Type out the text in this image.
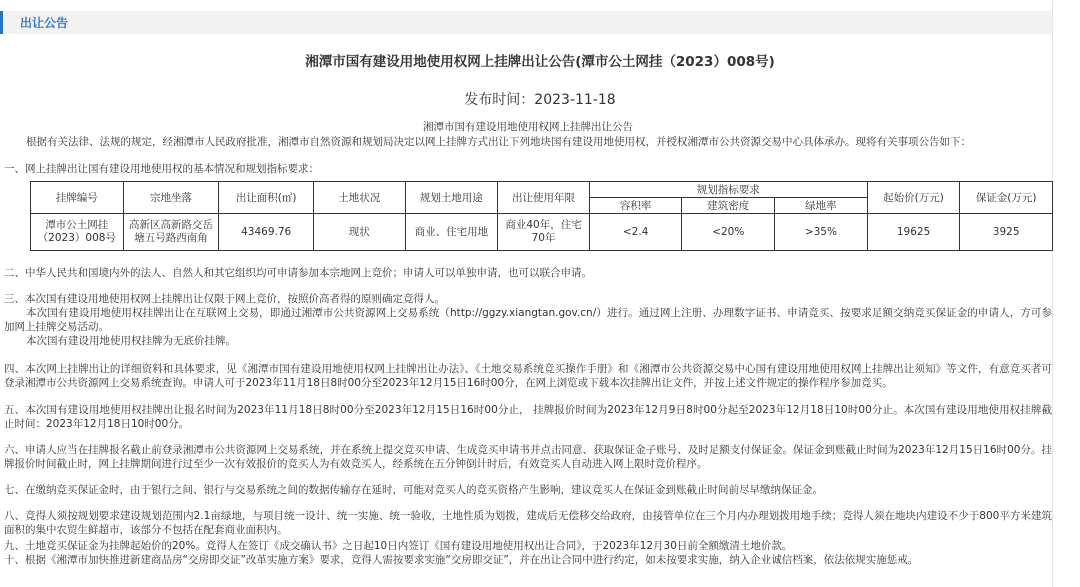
出让公告
湘潭市国有建设用地使用权网上挂牌出让公告(潭市公土网挂（2023）008号)
发布时间：2023-11-18
湘潭市国有建设用地使用权网上挂牌出让公告
根据有关法律、法规的规定，经湘潭市人民政府批准，湘潭市自然资源和规划局决定以网上挂牌方式出让下列地块国有建设用地使用权，并授权湘潭市公共资源交易中心具体承办。现将有关事项公告如下：
一、网上挂牌出让国有建设用地使用权的基本情况和规划指标要求：
挂牌编号	宗地坐落	出让面积(㎡)	土地状况	规划土地用途	出让使用年限	规划指标要求			起始价(万元)	保证金(万元)
						容积率	建筑密度	绿地率		
潭市公土网挂（2023）008号	高新区高新路交岳塘五号路西南角	43469.76	现状	商业、住宅用地	商业40年，住宅70年	<2.4	<20%	>35%	19625	3925
二、中华人民共和国境内外的法人、自然人和其它组织均可申请参加本宗地网上竞价；申请人可以单独申请，也可以联合申请。
三、本次国有建设用地使用权网上挂牌出让仅限于网上竞价，按照价高者得的原则确定竞得人。
本次国有建设用地使用权挂牌出让在互联网上交易，即通过湘潭市公共资源网上交易系统（http://ggzy.xiangtan.gov.cn/）进行。通过网上注册、办理数字证书、申请竞买、按要求足额交纳竞买保证金的申请人，方可参加网上挂牌交易活动。
本次国有建设用地使用权挂牌为无底价挂牌。
四、本次网上挂牌出让的详细资料和具体要求，见《湘潭市国有建设用地使用权网上挂牌出让办法》、《土地交易系统竞买操作手册》和《湘潭市公共资源交易中心国有建设用地使用权网上挂牌出让须知》等文件，有意竞买者可登录湘潭市公共资源网上交易系统查询。申请人可于2023年11月18日8时00分至2023年12月15日16时00分，在网上浏览或下载本次挂牌出让文件，并按上述文件规定的操作程序参加竞买。
五、本次国有建设用地使用权挂牌出让报名时间为2023年11月18日8时00分至2023年12月15日16时00分止， 挂牌报价时间为2023年12月9日8时00分起至2023年12月18日10时00分止。本次国有建设用地使用权挂牌截止时间：2023年12月18日10时00分。
六、申请人应当在挂牌报名截止前登录湘潭市公共资源网上交易系统，并在系统上提交竞买申请、生成竞买申请书并点击同意、获取保证金子账号、及时足额支付保证金。保证金到账截止时间为2023年12月15日16时00分。挂牌报价时间截止时，网上挂牌期间进行过至少一次有效报价的竞买人为有效竞买人，经系统在五分钟倒计时后，有效竞买人自动进入网上限时竞价程序。
七、在缴纳竞买保证金时，由于银行之间、银行与交易系统之间的数据传输存在延时，可能对竞买人的竞买资格产生影响，建议竞买人在保证金到账截止时间前尽早缴纳保证金。
八、竞得人须按规划要求建设规划范围内2.1亩绿地，与项目统一设计、统一实施、统一验收，土地性质为划拨，建成后无偿移交给政府，由接管单位在三个月内办理划拨用地手续；竞得人须在地块内建设不少于800平方米建筑面积的集中农贸生鲜超市，该部分不包括在配套商业面积内。
九、土地竞买保证金为挂牌起始价的20%。竞得人在签订《成交确认书》之日起10日内签订《国有建设用地使用权出让合同》，于2023年12月30日前全额缴清土地价款。
十、根据《湘潭市加快推进新建商品房“交房即交证”改革实施方案》要求，竞得人需按要求实施“交房即交证”，并在出让合同中进行约定，如未按要求实施，纳入企业诚信档案，依法依规实施惩戒。
